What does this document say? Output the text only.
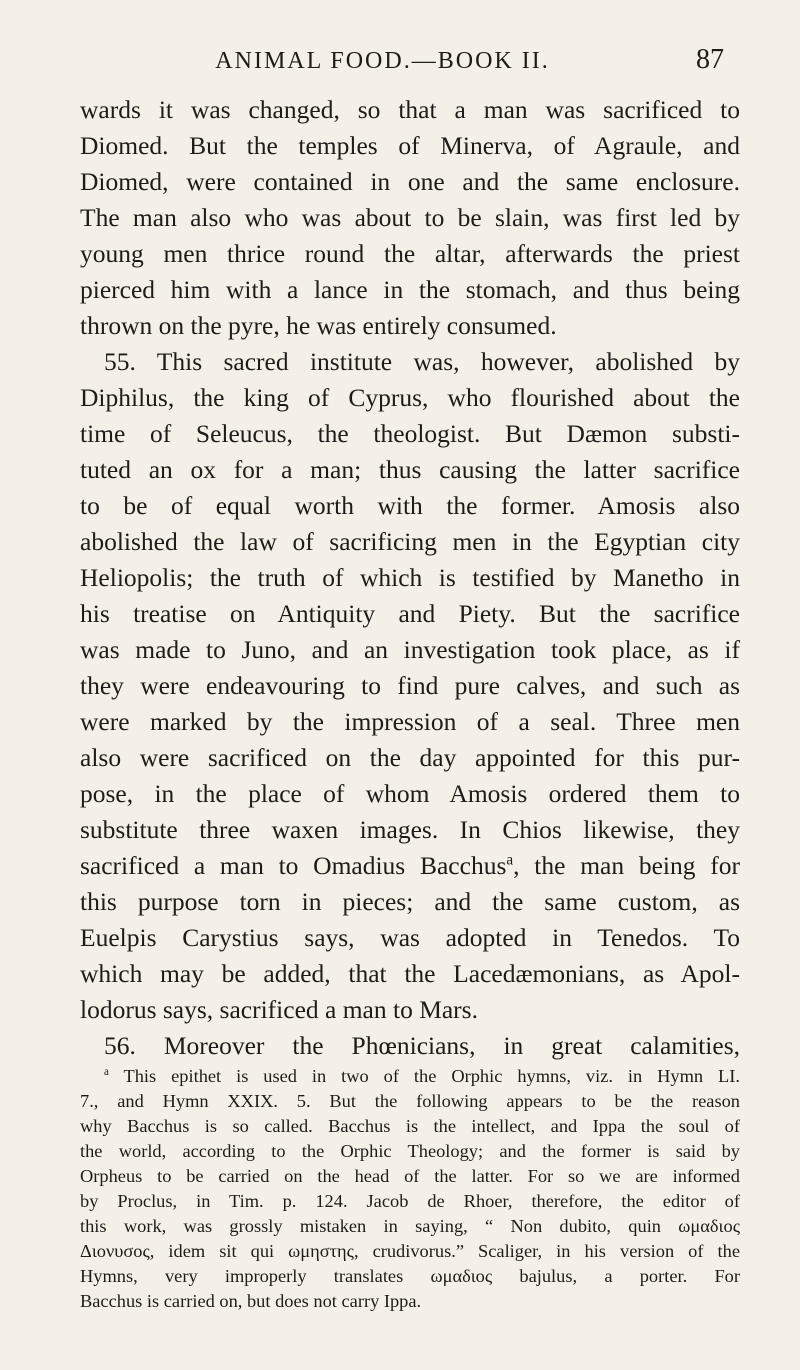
ANIMAL FOOD.—BOOK II.	87
wards it was changed, so that a man was sacrificed to
Diomed. But the temples of Minerva, of Agraule, and
Diomed, were contained in one and the same enclosure.
The man also who was about to be slain, was first led by
young men thrice round the altar, afterwards the priest
pierced him with a lance in the stomach, and thus being
thrown on the pyre, he was entirely consumed.
55. This sacred institute was, however, abolished by
Diphilus, the king of Cyprus, who flourished about the
time of Seleucus, the theologist. But Dæmon substi-
tuted an ox for a man; thus causing the latter sacrifice
to be of equal worth with the former. Amosis also
abolished the law of sacrificing men in the Egyptian city
Heliopolis; the truth of which is testified by Manetho in
his treatise on Antiquity and Piety. But the sacrifice
was made to Juno, and an investigation took place, as if
they were endeavouring to find pure calves, and such as
were marked by the impression of a seal. Three men
also were sacrificed on the day appointed for this pur-
pose, in the place of whom Amosis ordered them to
substitute three waxen images. In Chios likewise, they
sacrificed a man to Omadius Bacchus$^a$, the man being for
this purpose torn in pieces; and the same custom, as
Euelpis Carystius says, was adopted in Tenedos. To
which may be added, that the Lacedæmonians, as Apol-
lodorus says, sacrificed a man to Mars.
56. Moreover the Phœnicians, in great calamities,
$^a$ This epithet is used in two of the Orphic hymns, viz. in Hymn LI.
7., and Hymn XXIX. 5. But the following appears to be the reason
why Bacchus is so called. Bacchus is the intellect, and Ippa the soul of
the world, according to the Orphic Theology; and the former is said by
Orpheus to be carried on the head of the latter. For so we are informed
by Proclus, in Tim. p. 124. Jacob de Rhoer, therefore, the editor of
this work, was grossly mistaken in saying, “ Non dubito, quin ωμαδιος
Διονυσος, idem sit qui ωμηστης, crudivorus.” Scaliger, in his version of the
Hymns, very improperly translates ωμαδιος bajulus, a porter. For
Bacchus is carried on, but does not carry Ippa.
